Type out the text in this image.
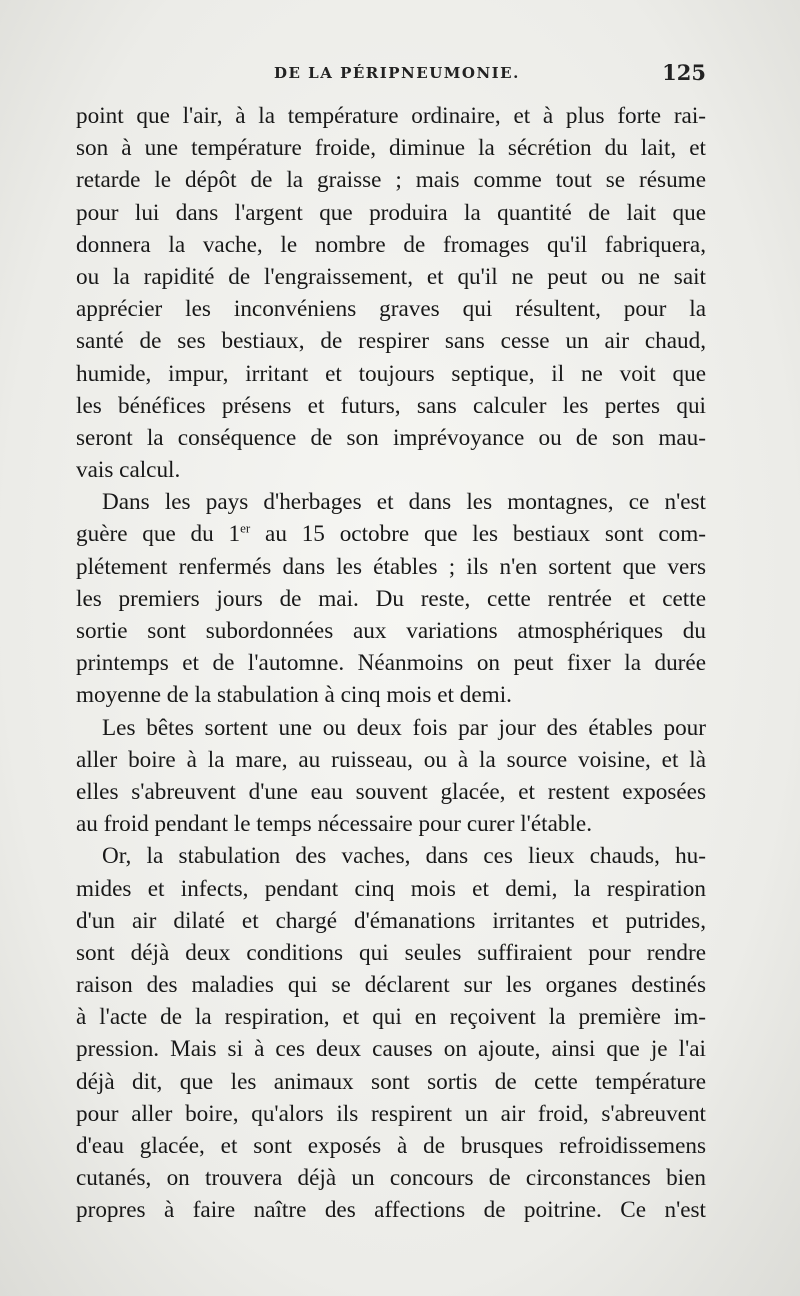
DE LA PÉRIPNEUMONIE.	125

point que l'air, à la température ordinaire, et à plus forte rai-
son à une température froide, diminue la sécrétion du lait, et
retarde le dépôt de la graisse ; mais comme tout se résume
pour lui dans l'argent que produira la quantité de lait que
donnera la vache, le nombre de fromages qu'il fabriquera,
ou la rapidité de l'engraissement, et qu'il ne peut ou ne sait
apprécier les inconvéniens graves qui résultent, pour la
santé de ses bestiaux, de respirer sans cesse un air chaud,
humide, impur, irritant et toujours septique, il ne voit que
les bénéfices présens et futurs, sans calculer les pertes qui
seront la conséquence de son imprévoyance ou de son mau-
vais calcul.

Dans les pays d'herbages et dans les montagnes, ce n'est
guère que du 1er au 15 octobre que les bestiaux sont com-
plétement renfermés dans les étables ; ils n'en sortent que vers
les premiers jours de mai. Du reste, cette rentrée et cette
sortie sont subordonnées aux variations atmosphériques du
printemps et de l'automne. Néanmoins on peut fixer la durée
moyenne de la stabulation à cinq mois et demi.

Les bêtes sortent une ou deux fois par jour des étables pour
aller boire à la mare, au ruisseau, ou à la source voisine, et là
elles s'abreuvent d'une eau souvent glacée, et restent exposées
au froid pendant le temps nécessaire pour curer l'étable.

Or, la stabulation des vaches, dans ces lieux chauds, hu-
mides et infects, pendant cinq mois et demi, la respiration
d'un air dilaté et chargé d'émanations irritantes et putrides,
sont déjà deux conditions qui seules suffiraient pour rendre
raison des maladies qui se déclarent sur les organes destinés
à l'acte de la respiration, et qui en reçoivent la première im-
pression. Mais si à ces deux causes on ajoute, ainsi que je l'ai
déjà dit, que les animaux sont sortis de cette température
pour aller boire, qu'alors ils respirent un air froid, s'abreuvent
d'eau glacée, et sont exposés à de brusques refroidissemens
cutanés, on trouvera déjà un concours de circonstances bien
propres à faire naître des affections de poitrine. Ce n'est
